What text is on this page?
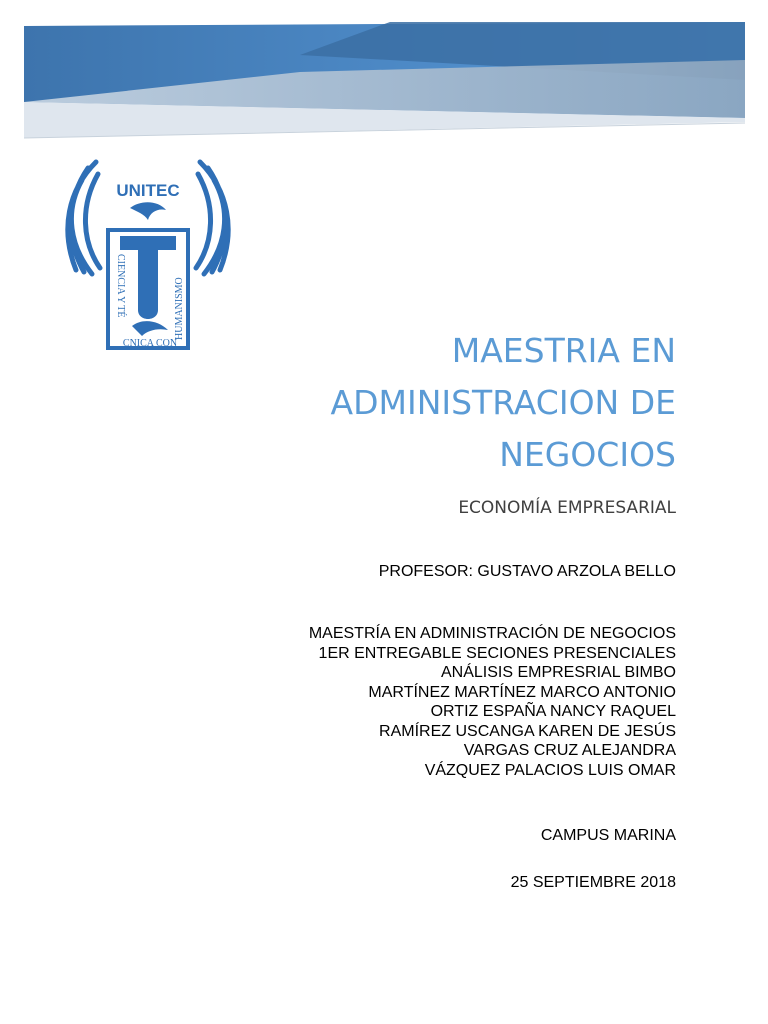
UNITEC
CIENCIA Y TÉ
CNICA CON
HUMANISMO
MAESTRIA EN
ADMINISTRACION DE
NEGOCIOS
ECONOMÍA EMPRESARIAL
PROFESOR: GUSTAVO ARZOLA BELLO
MAESTRÍA EN ADMINISTRACIÓN DE NEGOCIOS
1ER ENTREGABLE SECIONES PRESENCIALES
ANÁLISIS EMPRESRIAL BIMBO
MARTÍNEZ MARTÍNEZ MARCO ANTONIO
ORTIZ ESPAÑA NANCY RAQUEL
RAMÍREZ USCANGA KAREN DE JESÚS
VARGAS CRUZ ALEJANDRA
VÁZQUEZ PALACIOS LUIS OMAR
CAMPUS MARINA
25 SEPTIEMBRE 2018
